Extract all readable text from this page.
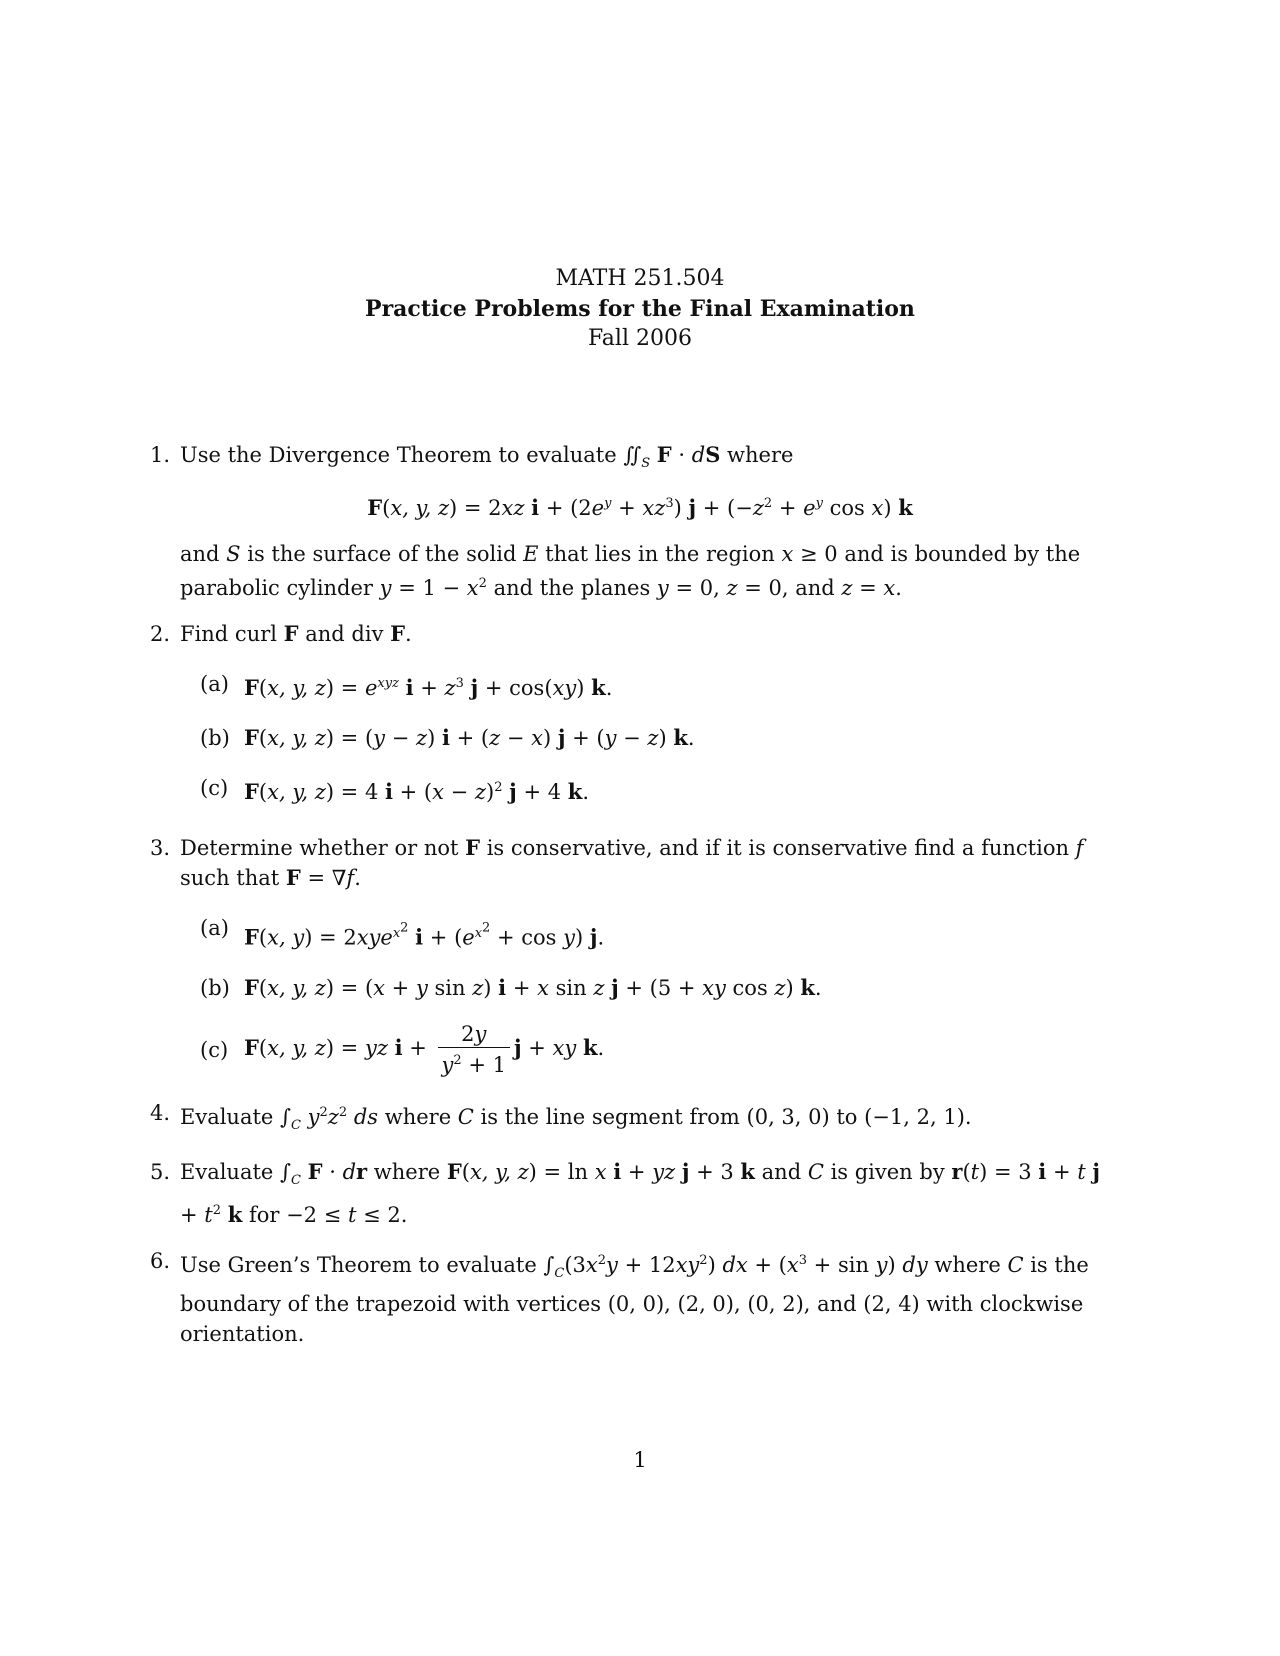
MATH 251.504
Practice Problems for the Final Examination
Fall 2006
1. Use the Divergence Theorem to evaluate $∬_S$ F · dS where
F(x, y, z) = 2xz $i + (2e^y + xz^3) j + (-z^2 + e^y$ cos x) k
and S is the surface of the solid E that lies in the region x ≥ 0 and is bounded by the parabolic cylinder $y = 1 - x^2$ and the planes y = 0, z = 0, and z = x.
2. Find curl F and div F.
(a) F(x, y, $z) = e^{xyz}$ $i + z^3$ j + cos(xy) k.
(b) F(x, y, z) = (y − z) i + (z − x) j + (y − z) k.
(c) F(x, y, z) = 4 $i + (x - z)^2$ j + 4 k.
3. Determine whether or not F is conservative, and if it is conservative find a function f such that F = ∇f.
(a) F(x, y) = 2xye$^{x^2}$ $i + (e^{x^2} + \cos y)$ j.
(b) F(x, y, z) = (x + y sin z) i + x sin z j + (5 + xy cos z) k.
(c) F(x, y, z) = yz $i + \frac{2y}{y^2 + 1}$ j + xy k.
4. Evaluate $\int_C$ $y^2z^2$ ds where C is the line segment from (0, 3, 0) to (−1, 2, 1).
5. Evaluate $\int_C$ F · dr where F(x, y, z) = ln x i + yz j + 3 k and C is given by r(t) = 3 i + t $j + t^2$ k for −2 ≤ t ≤ 2.
6. Use Green’s Theorem to evaluate $\int_C(3x^2y + 12xy^2)$ dx + $(x^3 + \sin y)$ dy where C is the boundary of the trapezoid with vertices (0, 0), (2, 0), (0, 2), and (2, 4) with clockwise orientation.
1
